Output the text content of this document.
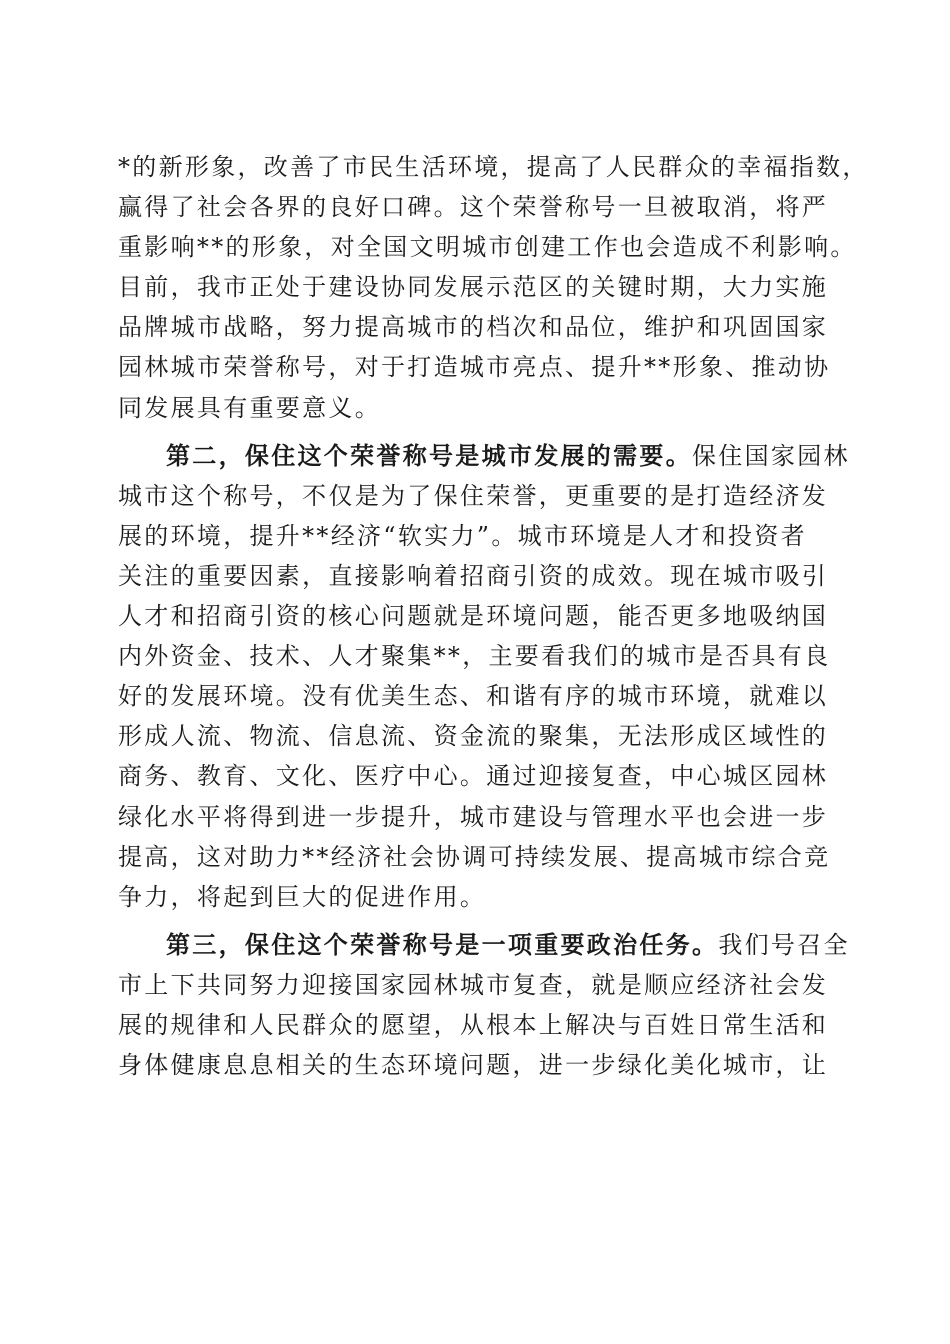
*的新形象，改善了市民生活环境，提高了人民群众的幸福指数，
赢得了社会各界的良好口碑。这个荣誉称号一旦被取消，将严
重影响**的形象，对全国文明城市创建工作也会造成不利影响。
目前，我市正处于建设协同发展示范区的关键时期，大力实施
品牌城市战略，努力提高城市的档次和品位，维护和巩固国家
园林城市荣誉称号，对于打造城市亮点、提升**形象、推动协
同发展具有重要意义。
第二，保住这个荣誉称号是城市发展的需要。保住国家园林
城市这个称号，不仅是为了保住荣誉，更重要的是打造经济发
展的环境，提升**经济“软实力”。城市环境是人才和投资者
关注的重要因素，直接影响着招商引资的成效。现在城市吸引
人才和招商引资的核心问题就是环境问题，能否更多地吸纳国
内外资金、技术、人才聚集**，主要看我们的城市是否具有良
好的发展环境。没有优美生态、和谐有序的城市环境，就难以
形成人流、物流、信息流、资金流的聚集，无法形成区域性的
商务、教育、文化、医疗中心。通过迎接复查，中心城区园林
绿化水平将得到进一步提升，城市建设与管理水平也会进一步
提高，这对助力**经济社会协调可持续发展、提高城市综合竞
争力，将起到巨大的促进作用。
第三，保住这个荣誉称号是一项重要政治任务。我们号召全
市上下共同努力迎接国家园林城市复查，就是顺应经济社会发
展的规律和人民群众的愿望，从根本上解决与百姓日常生活和
身体健康息息相关的生态环境问题，进一步绿化美化城市，让
